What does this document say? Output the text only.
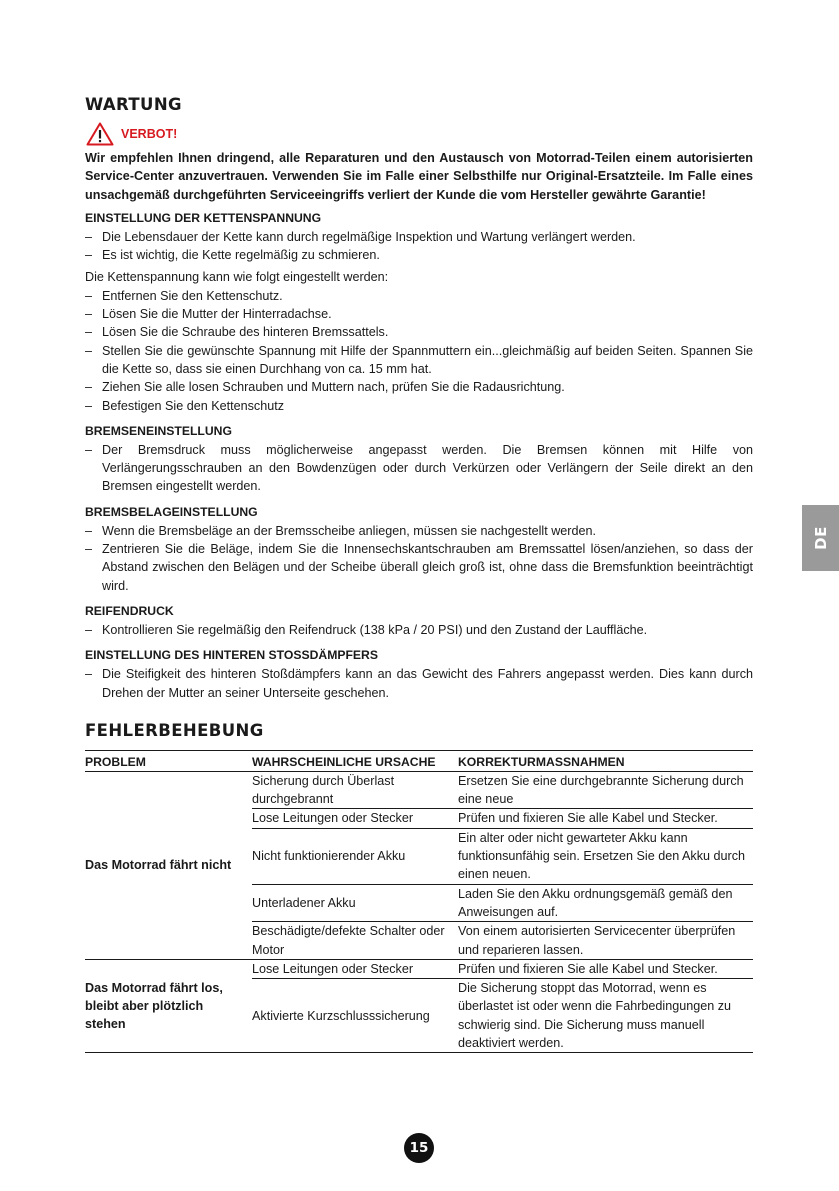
WARTUNG
VERBOT!

Wir empfehlen Ihnen dringend, alle Reparaturen und den Austausch von Motorrad-Teilen einem autorisierten Service-Center anzuvertrauen. Verwenden Sie im Falle einer Selbsthilfe nur Original-Ersatzteile. Im Falle eines unsachgemäß durchgeführten Serviceeingriffs verliert der Kunde die vom Hersteller gewährte Garantie!

EINSTELLUNG DER KETTENSPANNUNG
– Die Lebensdauer der Kette kann durch regelmäßige Inspektion und Wartung verlängert werden.
– Es ist wichtig, die Kette regelmäßig zu schmieren.

Die Kettenspannung kann wie folgt eingestellt werden:

– Entfernen Sie den Kettenschutz.
– Lösen Sie die Mutter der Hinterradachse.
– Lösen Sie die Schraube des hinteren Bremssattels.
– Stellen Sie die gewünschte Spannung mit Hilfe der Spannmuttern ein...gleichmäßig auf beiden Seiten. Spannen Sie die Kette so, dass sie einen Durchhang von ca. 15 mm hat.
– Ziehen Sie alle losen Schrauben und Muttern nach, prüfen Sie die Radausrichtung.
– Befestigen Sie den Kettenschutz
BREMSENEINSTELLUNG
– Der Bremsdruck muss möglicherweise angepasst werden. Die Bremsen können mit Hilfe von Verlängerungsschrauben an den Bowdenzügen oder durch Verkürzen oder Verlängern der Seile direkt an den Bremsen eingestellt werden.
BREMSBELAGEINSTELLUNG
– Wenn die Bremsbeläge an der Bremsscheibe anliegen, müssen sie nachgestellt werden.
– Zentrieren Sie die Beläge, indem Sie die Innensechskantschrauben am Bremssattel lösen/anziehen, so dass der Abstand zwischen den Belägen und der Scheibe überall gleich groß ist, ohne dass die Bremsfunktion beeinträchtigt wird.
REIFENDRUCK
– Kontrollieren Sie regelmäßig den Reifendruck (138 kPa / 20 PSI) und den Zustand der Lauffläche.
EINSTELLUNG DES HINTEREN STOSSDÄMPFERS
– Die Steifigkeit des hinteren Stoßdämpfers kann an das Gewicht des Fahrers angepasst werden. Dies kann durch Drehen der Mutter an seiner Unterseite geschehen.
FEHLERBEHEBUNG
PROBLEM	WAHRSCHEINLICHE URSACHE	KORREKTURMASSNAHMEN
Das Motorrad fährt nicht	Sicherung durch Überlast durchgebrannt	Ersetzen Sie eine durchgebrannte Sicherung durch eine neue
	Lose Leitungen oder Stecker	Prüfen und fixieren Sie alle Kabel und Stecker.
	Nicht funktionierender Akku	Ein alter oder nicht gewarteter Akku kann funktionsunfähig sein. Ersetzen Sie den Akku durch einen neuen.
	Unterladener Akku	Laden Sie den Akku ordnungsgemäß gemäß den Anweisungen auf.
	Beschädigte/defekte Schalter oder Motor	Von einem autorisierten Servicecenter überprüfen und reparieren lassen.
Das Motorrad fährt los, bleibt aber plötzlich stehen	Lose Leitungen oder Stecker	Prüfen und fixieren Sie alle Kabel und Stecker.
	Aktivierte Kurzschlusssicherung	Die Sicherung stoppt das Motorrad, wenn es überlastet ist oder wenn die Fahrbedingungen zu schwierig sind. Die Sicherung muss manuell deaktiviert werden.
DE
15
